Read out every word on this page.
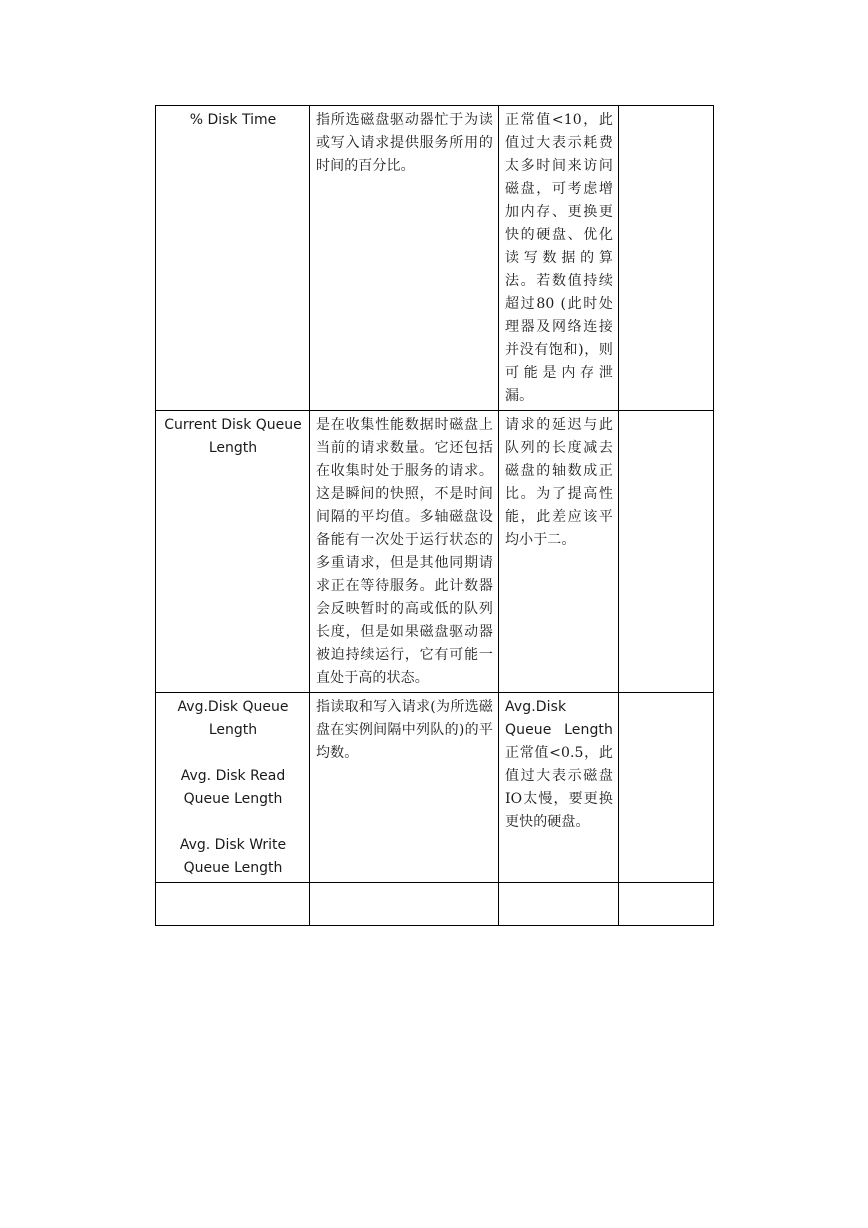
% Disk Time	指所选磁盘驱动器忙于为读或写入请求提供服务所用的时间的百分比。	正常值<10，此值过大表示耗费太多时间来访问磁盘，可考虑增加内存、更换更快的硬盘、优化读写数据的算法。若数值持续超过80 (此时处理器及网络连接并没有饱和)，则可能是内存泄漏。	
Current Disk Queue Length	是在收集性能数据时磁盘上当前的请求数量。它还包括在收集时处于服务的请求。这是瞬间的快照，不是时间间隔的平均值。多轴磁盘设备能有一次处于运行状态的多重请求，但是其他同期请求正在等待服务。此计数器会反映暂时的高或低的队列长度，但是如果磁盘驱动器被迫持续运行，它有可能一直处于高的状态。	请求的延迟与此队列的长度减去磁盘的轴数成正比。为了提高性能，此差应该平均小于二。	
Avg.Disk Queue Length
Avg. Disk Read Queue Length
Avg. Disk Write Queue Length	指读取和写入请求(为所选磁盘在实例间隔中列队的)的平均数。	Avg.Disk Queue Length 正常值<0.5，此值过大表示磁盘IO太慢，要更换更快的硬盘。	
